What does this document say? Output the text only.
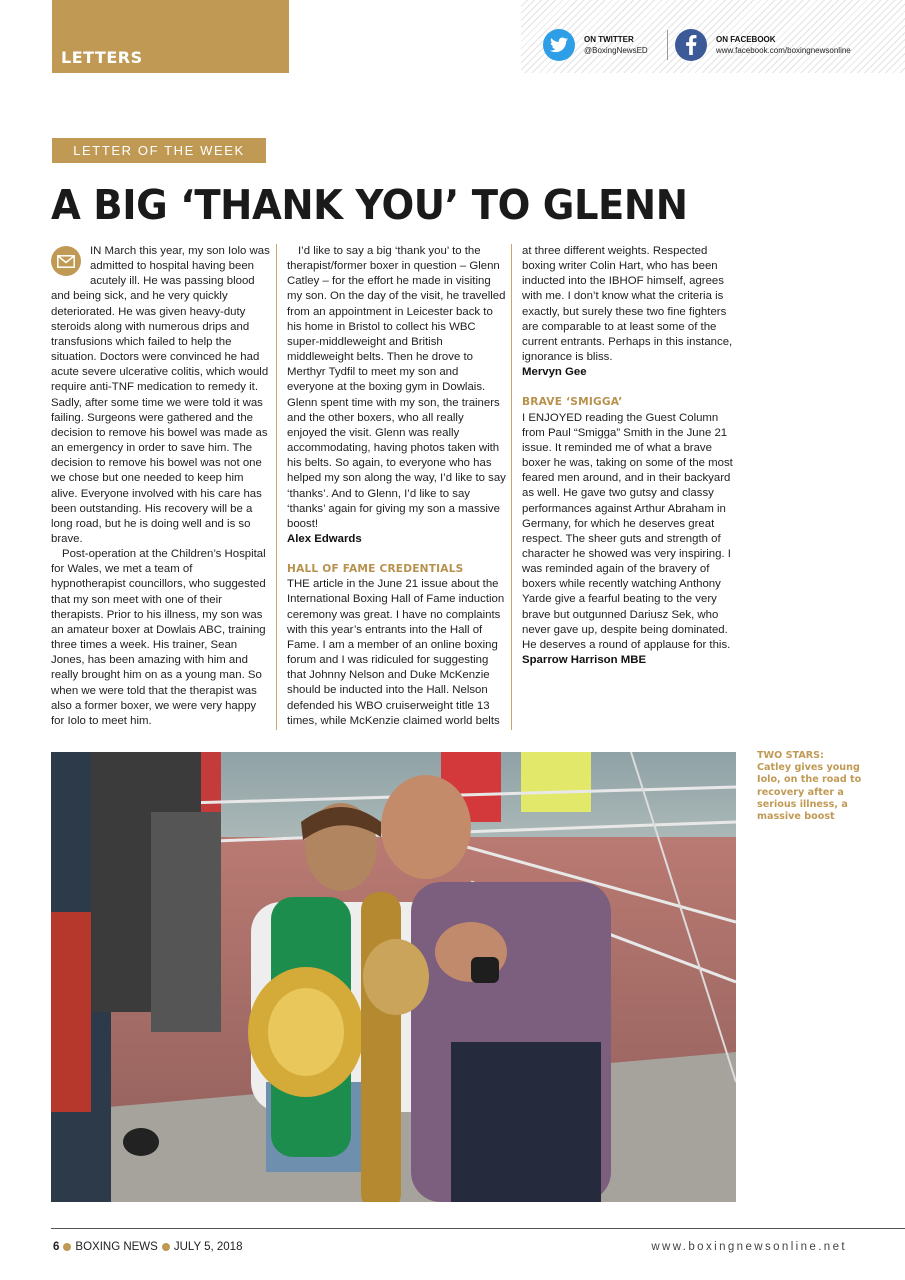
LETTERS
ON TWITTER
@BoxingNewsED
ON FACEBOOK
www.facebook.com/boxingnewsonline
LETTER OF THE WEEK
A BIG ‘THANK YOU’ TO GLENN

IN March this year, my son Iolo was admitted to hospital having been acutely ill. He was passing blood and being sick, and he very quickly deteriorated. He was given heavy-duty steroids along with numerous drips and transfusions which failed to help the situation. Doctors were convinced he had acute severe ulcerative colitis, which would require anti-TNF medication to remedy it. Sadly, after some time we were told it was failing. Surgeons were gathered and the decision to remove his bowel was made as an emergency in order to save him. The decision to remove his bowel was not one we chose but one needed to keep him alive. Everyone involved with his care has been outstanding. His recovery will be a long road, but he is doing well and is so brave.

Post-operation at the Children’s Hospital for Wales, we met a team of hypnotherapist councillors, who suggested that my son meet with one of their therapists. Prior to his illness, my son was an amateur boxer at Dowlais ABC, training three times a week. His trainer, Sean Jones, has been amazing with him and really brought him on as a young man. So when we were told that the therapist was also a former boxer, we were very happy for Iolo to meet him.

I’d like to say a big ‘thank you’ to the therapist/former boxer in question – Glenn Catley – for the effort he made in visiting my son. On the day of the visit, he travelled from an appointment in Leicester back to his home in Bristol to collect his WBC super-middleweight and British middleweight belts. Then he drove to Merthyr Tydfil to meet my son and everyone at the boxing gym in Dowlais. Glenn spent time with my son, the trainers and the other boxers, who all really enjoyed the visit. Glenn was really accommodating, having photos taken with his belts. So again, to everyone who has helped my son along the way, I’d like to say ‘thanks’. And to Glenn, I’d like to say ‘thanks’ again for giving my son a massive boost!

Alex Edwards

HALL OF FAME CREDENTIALS

THE article in the June 21 issue about the International Boxing Hall of Fame induction ceremony was great. I have no complaints with this year’s entrants into the Hall of Fame. I am a member of an online boxing forum and I was ridiculed for suggesting that Johnny Nelson and Duke McKenzie should be inducted into the Hall. Nelson defended his WBO cruiserweight title 13 times, while McKenzie claimed world belts

at three different weights. Respected boxing writer Colin Hart, who has been inducted into the IBHOF himself, agrees with me. I don’t know what the criteria is exactly, but surely these two fine fighters are comparable to at least some of the current entrants. Perhaps in this instance, ignorance is bliss.

Mervyn Gee

BRAVE ‘SMIGGA’

I ENJOYED reading the Guest Column from Paul “Smigga” Smith in the June 21 issue. It reminded me of what a brave boxer he was, taking on some of the most feared men around, and in their backyard as well. He gave two gutsy and classy performances against Arthur Abraham in Germany, for which he deserves great respect. The sheer guts and strength of character he showed was very inspiring. I was reminded again of the bravery of boxers while recently watching Anthony Yarde give a fearful beating to the very brave but outgunned Dariusz Sek, who never gave up, despite being dominated. He deserves a round of applause for this.

Sparrow Harrison MBE

TWO STARS:
Catley gives young Iolo, on the road to recovery after a serious illness, a massive boost
6 BOXING NEWS JULY 5, 2018	www.boxingnewsonline.net
